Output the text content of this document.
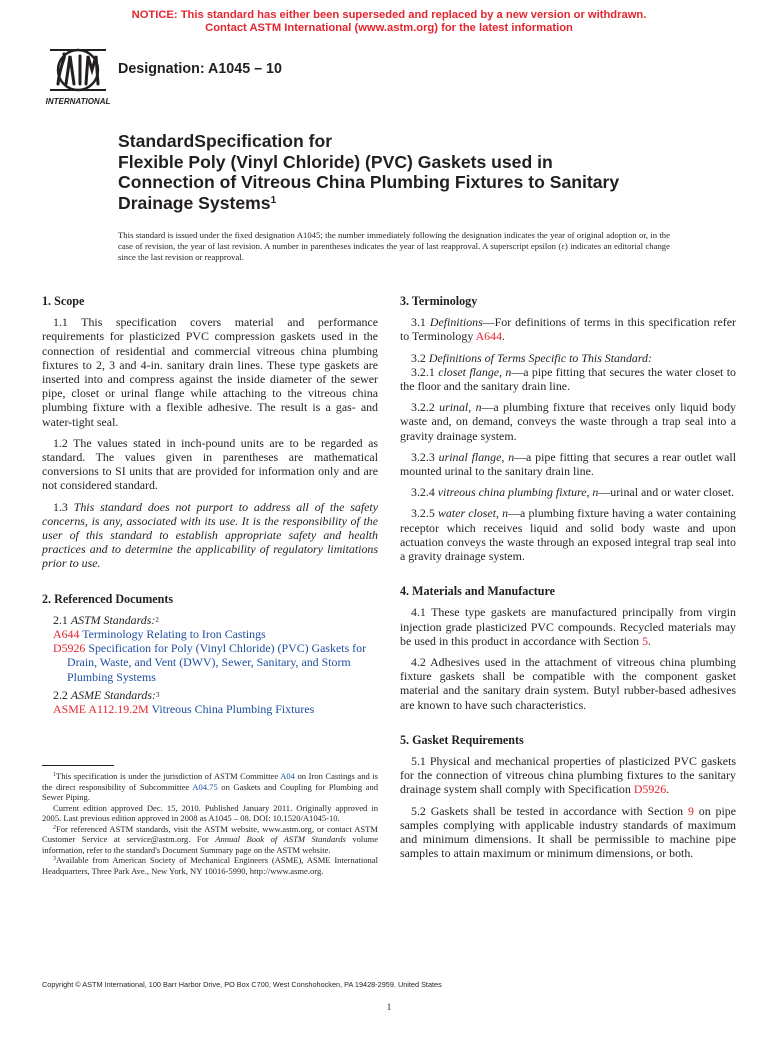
NOTICE: This standard has either been superseded and replaced by a new version or withdrawn.
Contact ASTM International (www.astm.org) for the latest information
INTERNATIONAL
Designation: A1045 – 10
StandardSpecification for
Flexible Poly (Vinyl Chloride) (PVC) Gaskets used in
Connection of Vitreous China Plumbing Fixtures to Sanitary
Drainage Systems$^1$
This standard is issued under the fixed designation A1045; the number immediately following the designation indicates the year of original adoption or, in the case of revision, the year of last revision. A number in parentheses indicates the year of last reapproval. A superscript epsilon (ε) indicates an editorial change since the last revision or reapproval.
1. Scope

1.1 This specification covers material and performance requirements for plasticized PVC compression gaskets used in the connection of residential and commercial vitreous china plumbing fixtures to 2, 3 and 4-in. sanitary drain lines. These type gaskets are inserted into and compress against the inside diameter of the sewer pipe, closet or urinal flange while attaching to the vitreous china plumbing fixture with a flexible adhesive. The result is a gas- and water-tight seal.

1.2 The values stated in inch-pound units are to be regarded as standard. The values given in parentheses are mathematical conversions to SI units that are provided for information only and are not considered standard.

1.3 This standard does not purport to address all of the safety concerns, is any, associated with its use. It is the responsibility of the user of this standard to establish appropriate safety and health practices and to determine the applicability of regulatory limitations prior to use.

2. Referenced Documents

2.1 ASTM Standards:$^2$

A644 Terminology Relating to Iron Castings

D5926 Specification for Poly (Vinyl Chloride) (PVC) Gaskets for Drain, Waste, and Vent (DWV), Sewer, Sanitary, and Storm Plumbing Systems

2.2 ASME Standards:$^3$

ASME A112.19.2M Vitreous China Plumbing Fixtures

$^1$This specification is under the jurisdiction of ASTM Committee A04 on Iron Castings and is the direct responsibility of Subcommittee A04.75 on Gaskets and Coupling for Plumbing and Sewer Piping.

Current edition approved Dec. 15, 2010. Published January 2011. Originally approved in 2005. Last previous edition approved in 2008 as A1045 – 08. DOI: 10.1520/A1045-10.

$^2$For referenced ASTM standards, visit the ASTM website, www.astm.org, or contact ASTM Customer Service at service@astm.org. For Annual Book of ASTM Standards volume information, refer to the standard's Document Summary page on the ASTM website.

$^3$Available from American Society of Mechanical Engineers (ASME), ASME International Headquarters, Three Park Ave., New York, NY 10016-5990, http://www.asme.org.

3. Terminology

3.1 Definitions—For definitions of terms in this specification refer to Terminology A644.

3.2 Definitions of Terms Specific to This Standard:

3.2.1 closet flange, n—a pipe fitting that secures the water closet to the floor and the sanitary drain line.

3.2.2 urinal, n—a plumbing fixture that receives only liquid body waste and, on demand, conveys the waste through a trap seal into a gravity drainage system.

3.2.3 urinal flange, n—a pipe fitting that secures a rear outlet wall mounted urinal to the sanitary drain line.

3.2.4 vitreous china plumbing fixture, n—urinal and or water closet.

3.2.5 water closet, n—a plumbing fixture having a water containing receptor which receives liquid and solid body waste and upon actuation conveys the waste through an exposed integral trap seal into a gravity drainage system.

4. Materials and Manufacture

4.1 These type gaskets are manufactured principally from virgin injection grade plasticized PVC compounds. Recycled materials may be used in this product in accordance with Section 5.

4.2 Adhesives used in the attachment of vitreous china plumbing fixture gaskets shall be compatible with the component gasket material and the sanitary drain system. Butyl rubber-based adhesives are known to have such characteristics.

5. Gasket Requirements

5.1 Physical and mechanical properties of plasticized PVC gaskets for the connection of vitreous china plumbing fixtures to the sanitary drainage system shall comply with Specification D5926.

5.2 Gaskets shall be tested in accordance with Section 9 on pipe samples complying with applicable industry standards of maximum and minimum dimensions. It shall be permissible to machine pipe samples to attain maximum or minimum dimensions, or both.

Copyright © ASTM International, 100 Barr Harbor Drive, PO Box C700, West Conshohocken, PA 19428-2959. United States
1
